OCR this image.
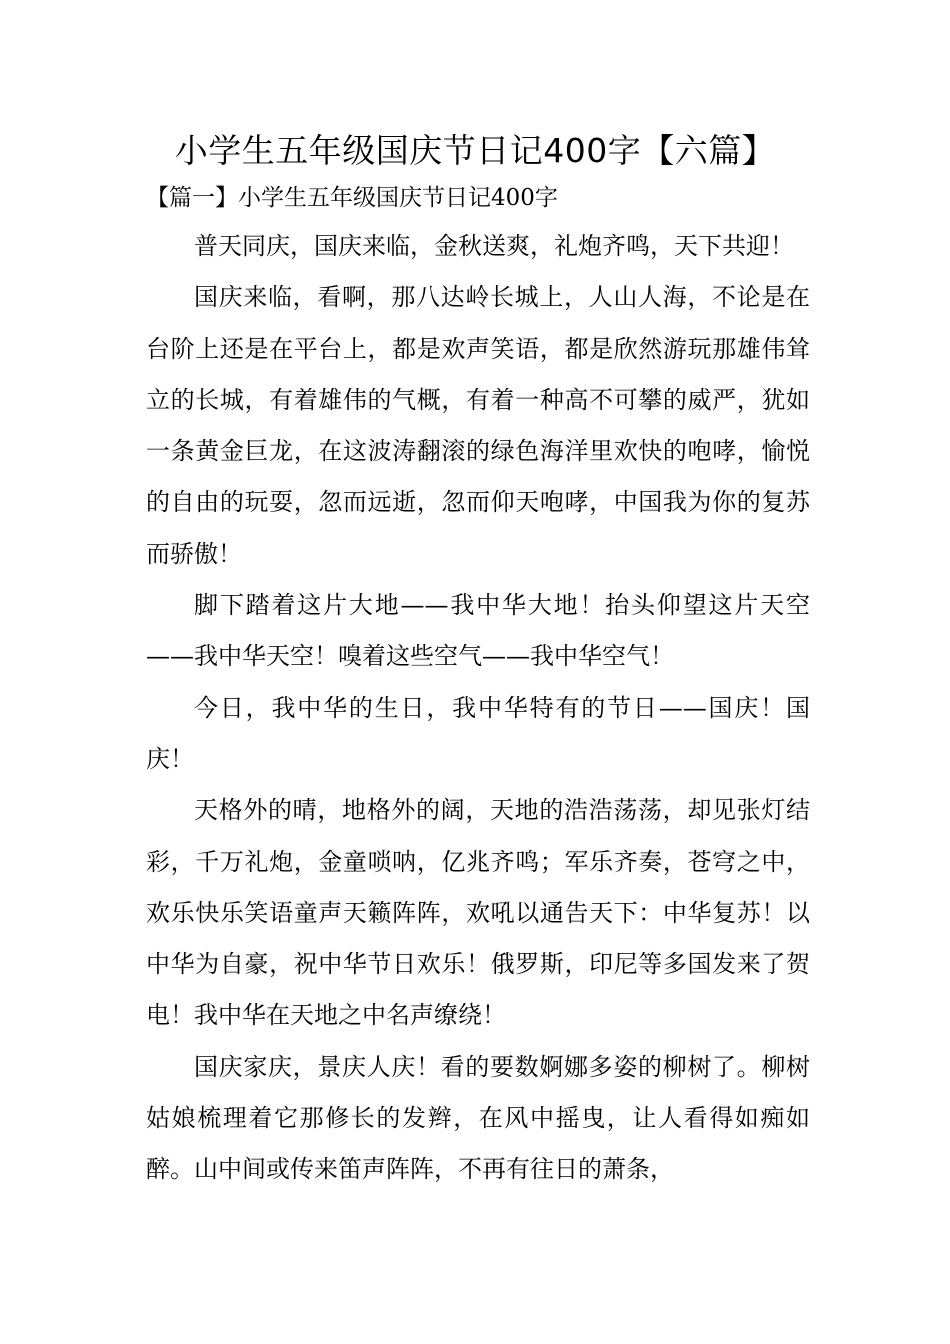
小学生五年级国庆节日记400字【六篇】
【篇一】小学生五年级国庆节日记400字

普天同庆，国庆来临，金秋送爽，礼炮齐鸣，天下共迎！

国庆来临，看啊，那八达岭长城上，人山人海，不论是在台阶上还是在平台上，都是欢声笑语，都是欣然游玩那雄伟耸立的长城，有着雄伟的气概，有着一种高不可攀的威严，犹如一条黄金巨龙，在这波涛翻滚的绿色海洋里欢快的咆哮，愉悦的自由的玩耍，忽而远逝，忽而仰天咆哮，中国我为你的复苏而骄傲！

脚下踏着这片大地——我中华大地！抬头仰望这片天空——我中华天空！嗅着这些空气——我中华空气！

今日，我中华的生日，我中华特有的节日——国庆！国庆！

天格外的晴，地格外的阔，天地的浩浩荡荡，却见张灯结彩，千万礼炮，金童唢呐，亿兆齐鸣；军乐齐奏，苍穹之中，欢乐快乐笑语童声天籁阵阵，欢吼以通告天下：中华复苏！以中华为自豪，祝中华节日欢乐！俄罗斯，印尼等多国发来了贺电！我中华在天地之中名声缭绕！

国庆家庆，景庆人庆！看的要数婀娜多姿的柳树了。柳树姑娘梳理着它那修长的发辫，在风中摇曳，让人看得如痴如醉。山中间或传来笛声阵阵，不再有往日的萧条，
